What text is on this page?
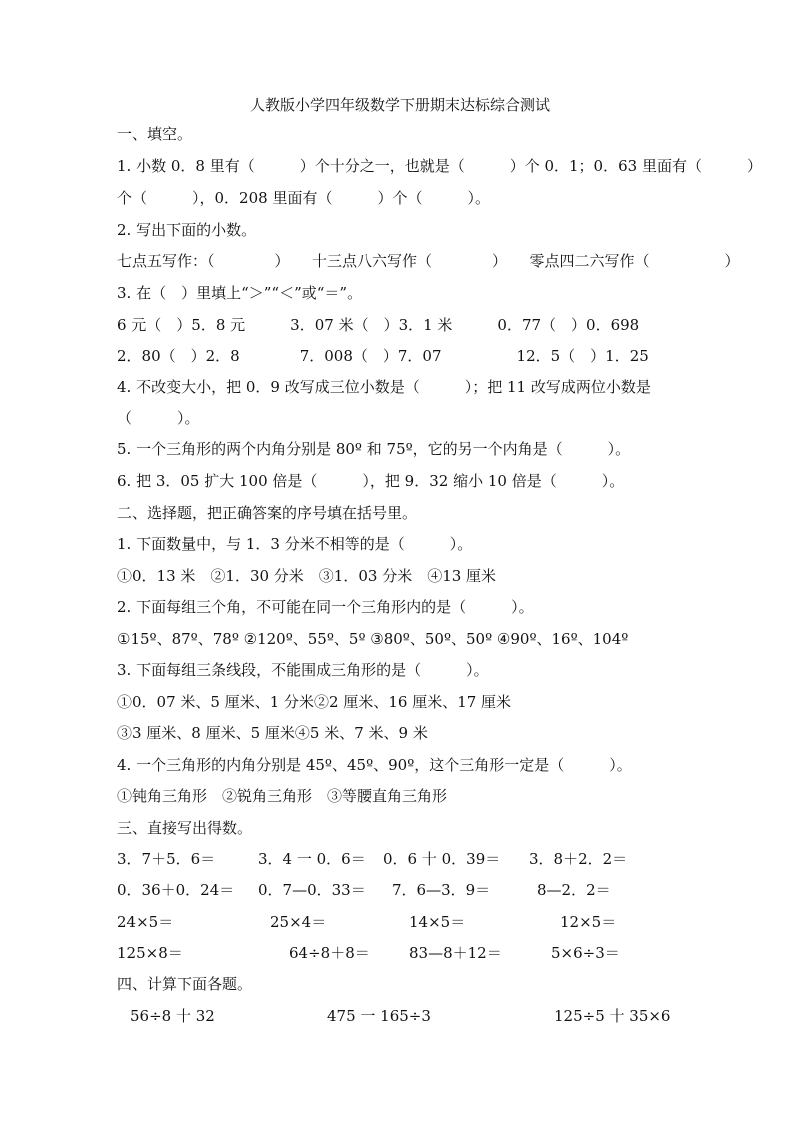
人教版小学四年级数学下册期末达标综合测试
一、填空。
1. 小数 0．8 里有（　　　）个十分之一，也就是（　　　）个 0．1；0．63 里面有（　　　）
个（　　　），0．208 里面有（　　　）个（　　　）。
2. 写出下面的小数。
七点五写作：（　　　　）　　十三点八六写作（　　　　）　　零点四二六写作（　　　　　）
3. 在（　）里填上“＞”“＜”或“＝”。
6 元（　）5．8 元　　　3．07 米（　）3．1 米　　　0．77（　）0．698
2．80（　）2．8　　　　7．008（　）7．07　　　　　12．5（　）1．25
4. 不改变大小，把 0．9 改写成三位小数是（　　　）；把 11 改写成两位小数是
（　　　）。
5. 一个三角形的两个内角分别是 80º 和 75º，它的另一个内角是（　　　）。
6. 把 3．05 扩大 100 倍是（　　　），把 9．32 缩小 10 倍是（　　　）。
二、选择题，把正确答案的序号填在括号里。
1. 下面数量中，与 1．3 分米不相等的是（　　　）。
①0．13 米　②1．30 分米　③1．03 分米　④13 厘米
2. 下面每组三个角，不可能在同一个三角形内的是（　　　）。
①15º、87º、78º ②120º、55º、5º ③80º、50º、50º ④90º、16º、104º
3. 下面每组三条线段，不能围成三角形的是（　　　）。
①0．07 米、5 厘米、1 分米②2 厘米、16 厘米、17 厘米
③3 厘米、8 厘米、5 厘米④5 米、7 米、9 米
4. 一个三角形的内角分别是 45º、45º、90º，这个三角形一定是（　　　）。
①钝角三角形　②锐角三角形　③等腰直角三角形
三、直接写出得数。
3．7＋5．6＝	3．4 一 0．6＝ 0．6 十 0．39＝ 3．8＋2．2＝
0．36＋0．24＝ 0．7—0．33＝ 7．6—3．9＝	8—2．2＝
24×5＝	25×4＝	14×5＝	12×5＝
125×8＝	64÷8＋8＝	83—8＋12＝	5×6÷3＝
四、计算下面各题。
56÷8 十 32	475 一 165÷3	125÷5 十 35×6
